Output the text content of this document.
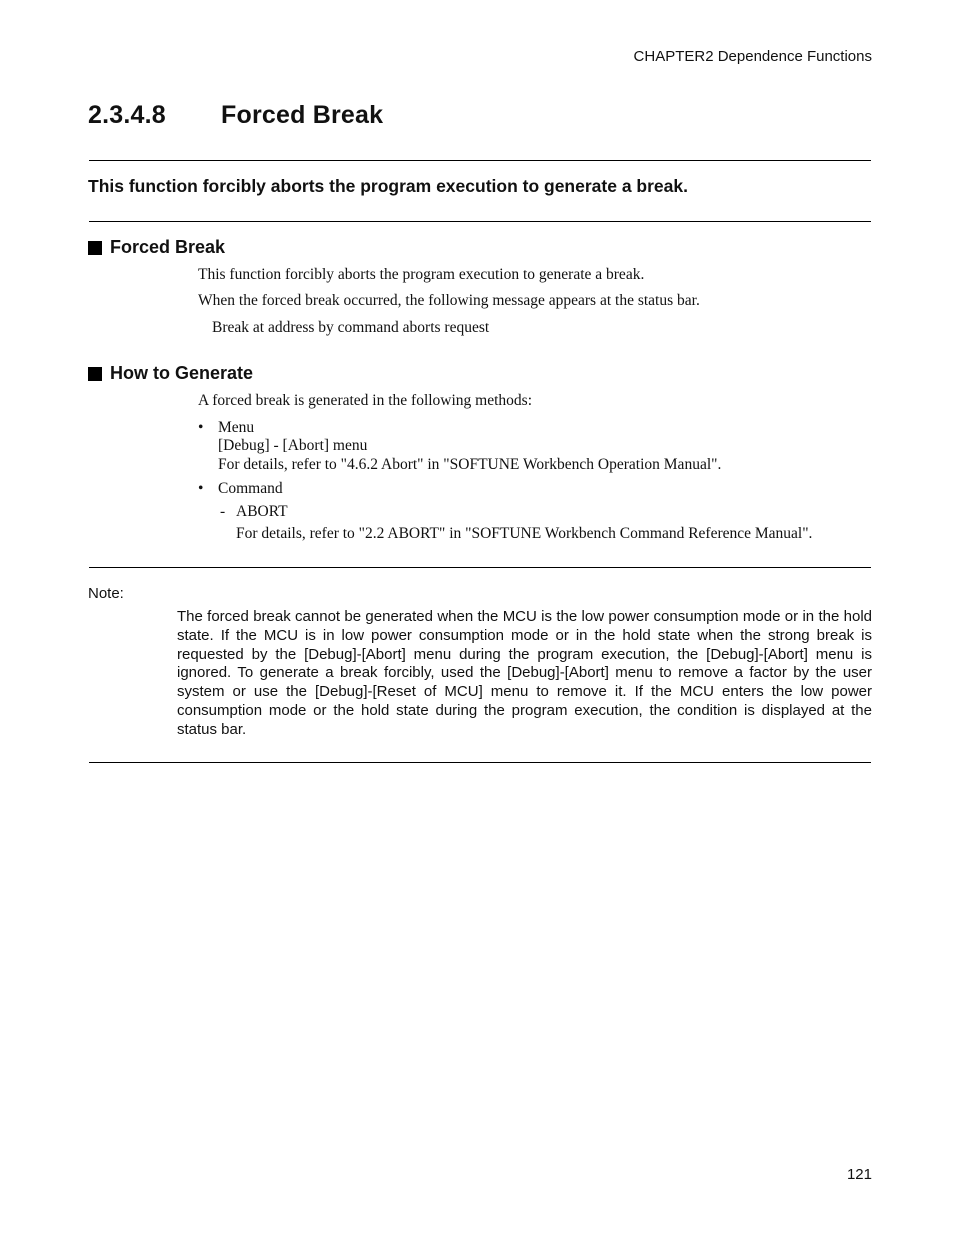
CHAPTER2 Dependence Functions
2.3.4.8 Forced Break
This function forcibly aborts the program execution to generate a break.
Forced Break
This function forcibly aborts the program execution to generate a break.
When the forced break occurred, the following message appears at the status bar.
Break at address by command aborts request
How to Generate
A forced break is generated in the following methods:
• Menu
[Debug] - [Abort] menu
For details, refer to "4.6.2 Abort" in "SOFTUNE Workbench Operation Manual".
• Command
- ABORT
For details, refer to "2.2 ABORT" in "SOFTUNE Workbench Command Reference Manual".
Note:
The forced break cannot be generated when the MCU is the low power consumption mode or in the hold state. If the MCU is in low power consumption mode or in the hold state when the strong break is requested by the [Debug]-[Abort] menu during the program execution, the [Debug]-[Abort] menu is ignored. To generate a break forcibly, used the [Debug]-[Abort] menu to remove a factor by the user system or use the [Debug]-[Reset of MCU] menu to remove it. If the MCU enters the low power consumption mode or the hold state during the program execution, the condition is displayed at the status bar.
121
